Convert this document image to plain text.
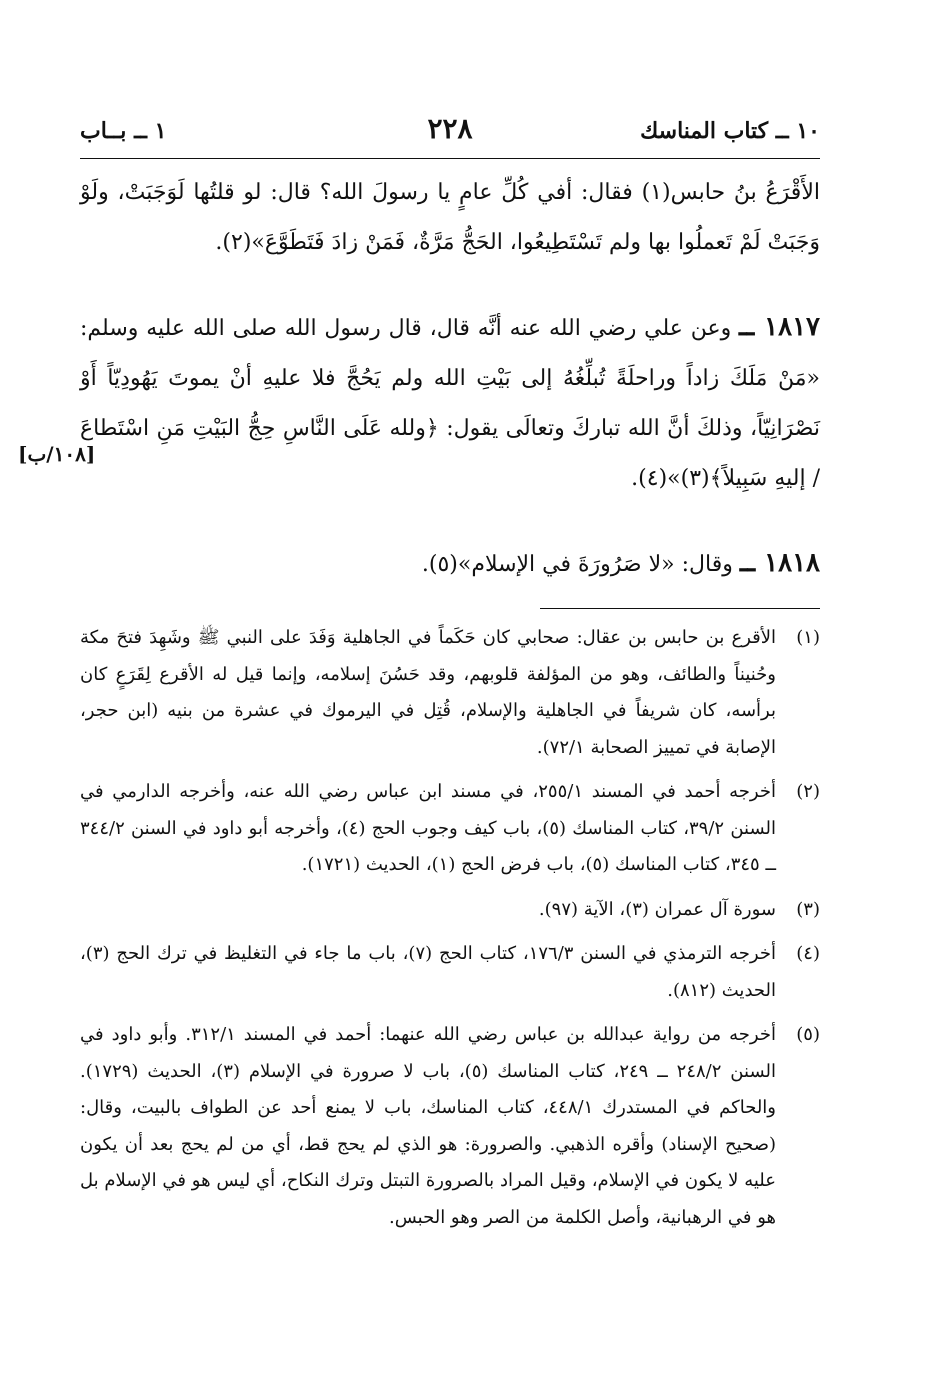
١٠ ــ كتاب المناسك
٢٢٨
١ ــ بــاب

الأَقْرَعُ بنُ حابس(١) فقال: أفي كُلِّ عامٍ يا رسولَ الله؟ قال: لو قلتُها لَوَجَبَتْ، ولَوْ وَجَبَتْ لَمْ تَعملُوا بها ولم تَسْتَطِيعُوا، الحَجُّ مَرَّةٌ، فَمَنْ زادَ فَتَطَوَّعَ»(٢).

١٨١٧ ــ وعن علي رضي الله عنه أنَّه قال، قال رسول الله صلى الله عليه وسلم: «مَنْ مَلَكَ زاداً وراحلَةً تُبلِّغُهُ إلى بَيْتِ الله ولم يَحُجَّ فلا عليهِ أنْ يموتَ يَهُودِيّاً أَوْ نَصْرَانِيّاً، وذلكَ أنَّ الله تباركَ وتعالَى يقول: ﴿ولله عَلَى النَّاسِ حِجُّ البَيْتِ مَنِ اسْتَطاعَ / إليهِ سَبِيلاً﴾(٣)»(٤).

١٨١٨ ــ وقال: «لا صَرُورَةَ في الإسلام»(٥).

[١٠٨/ب]
(١)
الأقرع بن حابس بن عقال: صحابي كان حَكَماً في الجاهلية وَفَدَ على النبي ﷺ وشَهِدَ فتحَ مكة وحُنيناً والطائف، وهو من المؤلفة قلوبهم، وقد حَسُنَ إسلامه، وإنما قيل له الأقرع لِقَرَعٍ كان برأسه، كان شريفاً في الجاهلية والإسلام، قُتِل في اليرموك في عشرة من بنيه (ابن حجر، الإصابة في تمييز الصحابة ٧٢/١).
(٢)
أخرجه أحمد في المسند ٢٥٥/١، في مسند ابن عباس رضي الله عنه، وأخرجه الدارمي في السنن ٣٩/٢، كتاب المناسك (٥)، باب كيف وجوب الحج (٤)، وأخرجه أبو داود في السنن ٣٤٤/٢ ــ ٣٤٥، كتاب المناسك (٥)، باب فرض الحج (١)، الحديث (١٧٢١).
(٣)
سورة آل عمران (٣)، الآية (٩٧).
(٤)
أخرجه الترمذي في السنن ١٧٦/٣، كتاب الحج (٧)، باب ما جاء في التغليظ في ترك الحج (٣)، الحديث (٨١٢).
(٥)
أخرجه من رواية عبدالله بن عباس رضي الله عنهما: أحمد في المسند ٣١٢/١. وأبو داود في السنن ٢٤٨/٢ ــ ٢٤٩، كتاب المناسك (٥)، باب لا صرورة في الإسلام (٣)، الحديث (١٧٢٩). والحاكم في المستدرك ٤٤٨/١، كتاب المناسك، باب لا يمنع أحد عن الطواف بالبيت، وقال: (صحيح الإسناد) وأقره الذهبي. والصرورة: هو الذي لم يحج قط، أي من لم يحج بعد أن يكون عليه لا يكون في الإسلام، وقيل المراد بالصرورة التبتل وترك النكاح، أي ليس هو في الإسلام بل هو في الرهبانية، وأصل الكلمة من الصر وهو الحبس.
